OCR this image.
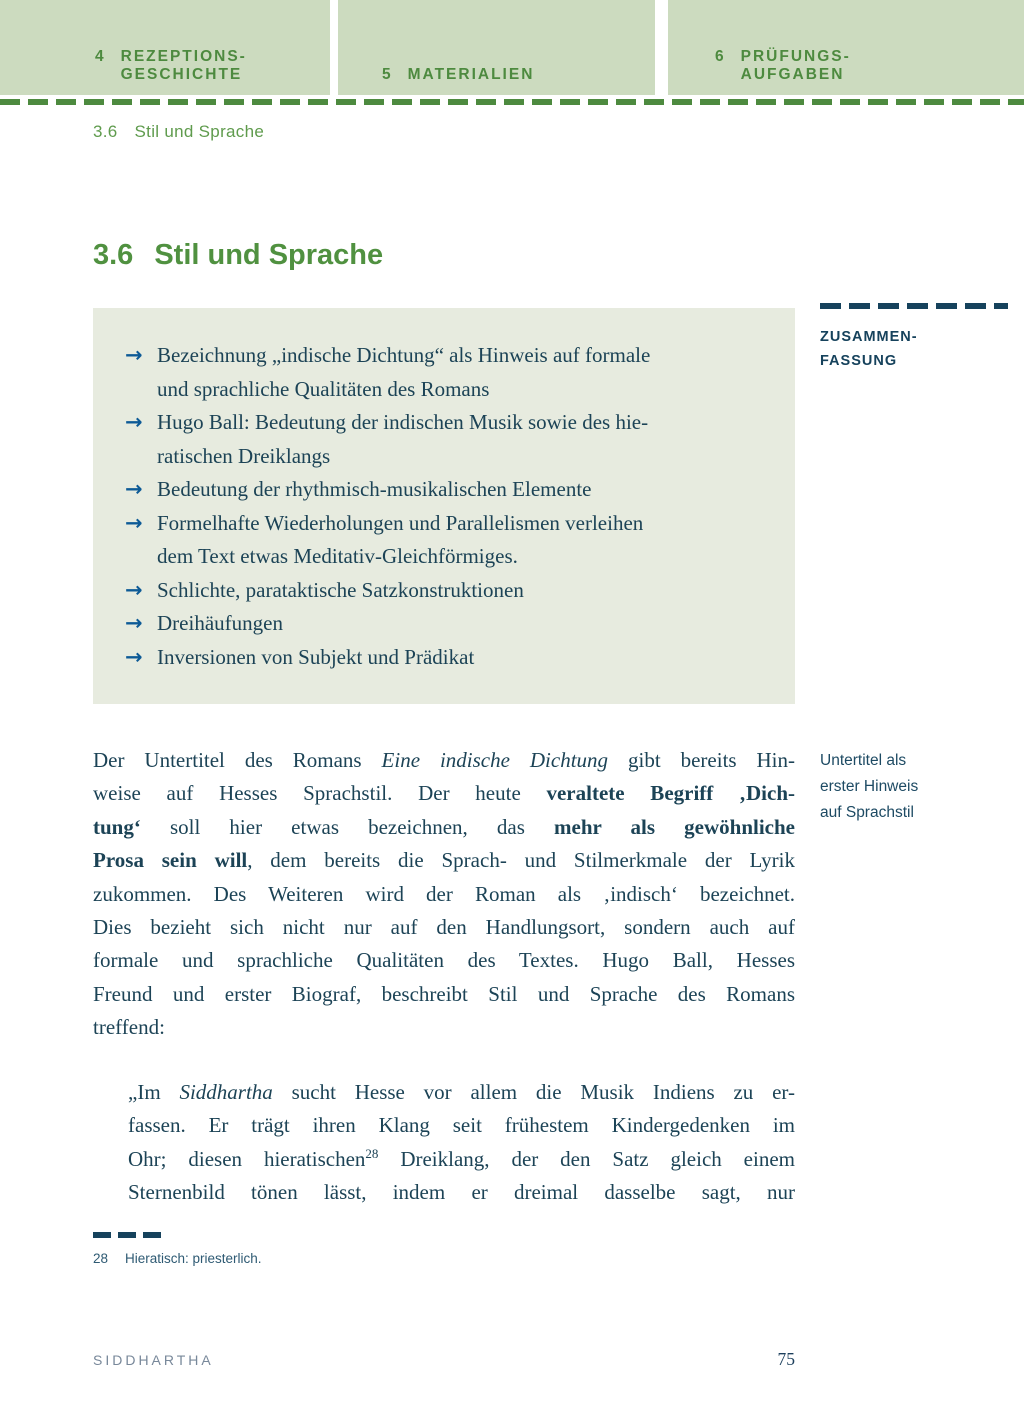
4 REZEPTIONS-
GESCHICHTE	5 MATERIALIEN
6 PRÜFUNGS-
AUFGABEN
3.6 Stil und Sprache
3.6 Stil und Sprache
→ Bezeichnung „indische Dichtung“ als Hinweis auf formale
und sprachliche Qualitäten des Romans
→ Hugo Ball: Bedeutung der indischen Musik sowie des hie-
ratischen Dreiklangs
→ Bedeutung der rhythmisch-musikalischen Elemente
→ Formelhafte Wiederholungen und Parallelismen verleihen
dem Text etwas Meditativ-Gleichförmiges.
→ Schlichte, parataktische Satzkonstruktionen
→ Dreihäufungen
→ Inversionen von Subjekt und Prädikat
ZUSAMMEN-
FASSUNG
Untertitel als
erster Hinweis
auf Sprachstil
Der Untertitel des Romans Eine indische Dichtung gibt bereits Hin-
weise auf Hesses Sprachstil. Der heute veraltete Begriff ‚Dich-
tung‘ soll hier etwas bezeichnen, das mehr als gewöhnliche
Prosa sein will, dem bereits die Sprach- und Stilmerkmale der Lyrik
zukommen. Des Weiteren wird der Roman als ‚indisch‘ bezeichnet.
Dies bezieht sich nicht nur auf den Handlungsort, sondern auch auf
formale und sprachliche Qualitäten des Textes. Hugo Ball, Hesses
Freund und erster Biograf, beschreibt Stil und Sprache des Romans
treffend:
„Im Siddhartha sucht Hesse vor allem die Musik Indiens zu er-
fassen. Er trägt ihren Klang seit frühestem Kindergedenken im
Ohr; diesen hieratischen$^{28}$ Dreiklang, der den Satz gleich einem
Sternenbild tönen lässt, indem er dreimal dasselbe sagt, nur
28	Hieratisch: priesterlich.
SIDDHARTHA	75
